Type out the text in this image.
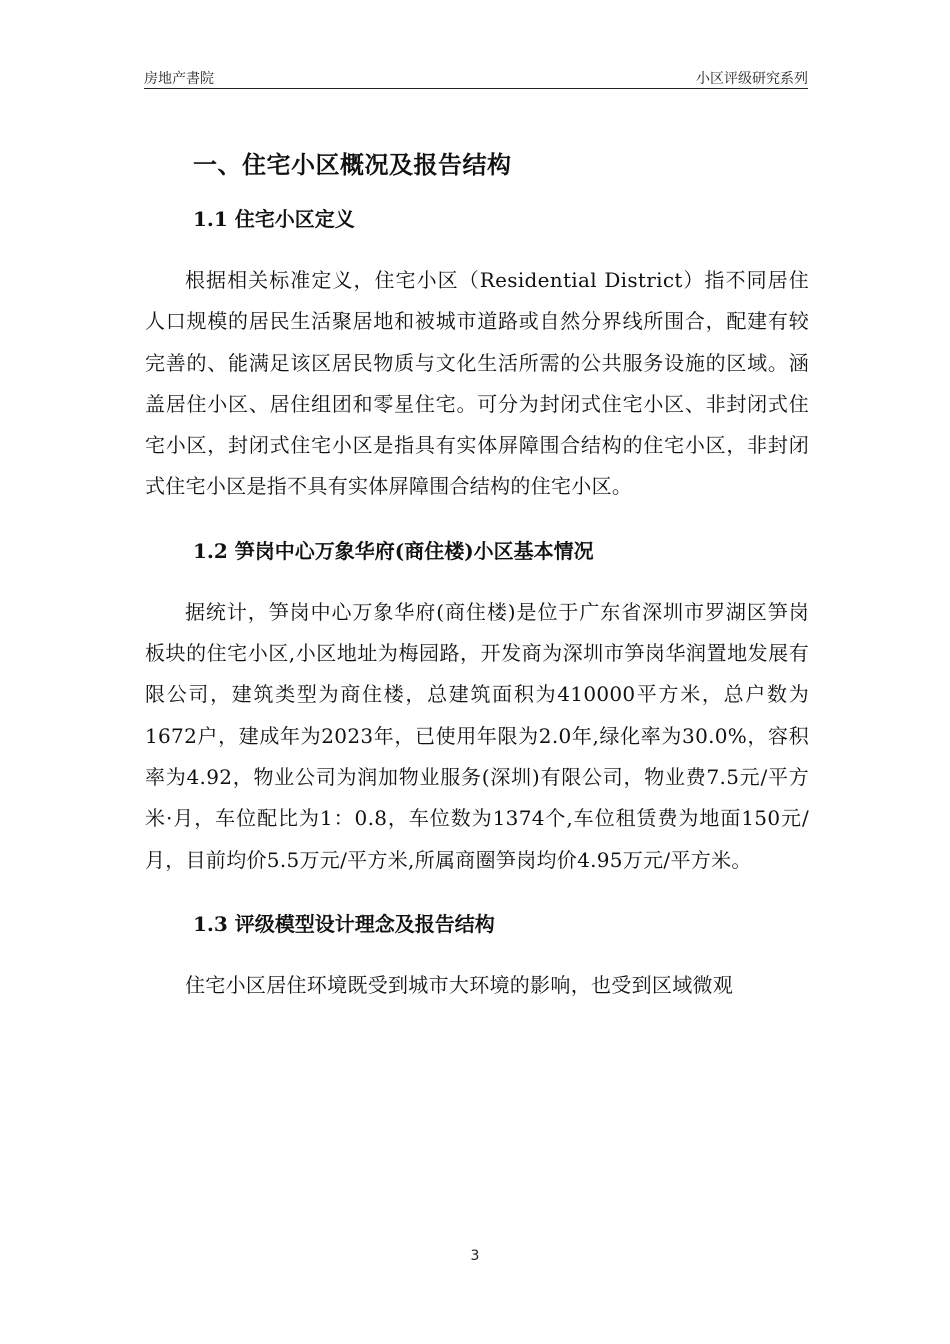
房地产書院	小区评级研究系列
一、住宅小区概况及报告结构
1.1 住宅小区定义

根据相关标准定义，住宅小区（Residential District）指不同居住人口规模的居民生活聚居地和被城市道路或自然分界线所围合，配建有较完善的、能满足该区居民物质与文化生活所需的公共服务设施的区域。涵盖居住小区、居住组团和零星住宅。可分为封闭式住宅小区、非封闭式住宅小区，封闭式住宅小区是指具有实体屏障围合结构的住宅小区，非封闭式住宅小区是指不具有实体屏障围合结构的住宅小区。

1.2 笋岗中心万象华府(商住楼)小区基本情况

据统计，笋岗中心万象华府(商住楼)是位于广东省深圳市罗湖区笋岗板块的住宅小区,小区地址为梅园路，开发商为深圳市笋岗华润置地发展有限公司，建筑类型为商住楼，总建筑面积为410000平方米，总户数为1672户，建成年为2023年，已使用年限为2.0年,绿化率为30.0%，容积率为4.92，物业公司为润加物业服务(深圳)有限公司，物业费7.5元/平方米·月，车位配比为1：0.8，车位数为1374个,车位租赁费为地面150元/月，目前均价5.5万元/平方米,所属商圈笋岗均价4.95万元/平方米。

1.3 评级模型设计理念及报告结构

住宅小区居住环境既受到城市大环境的影响，也受到区域微观

3
